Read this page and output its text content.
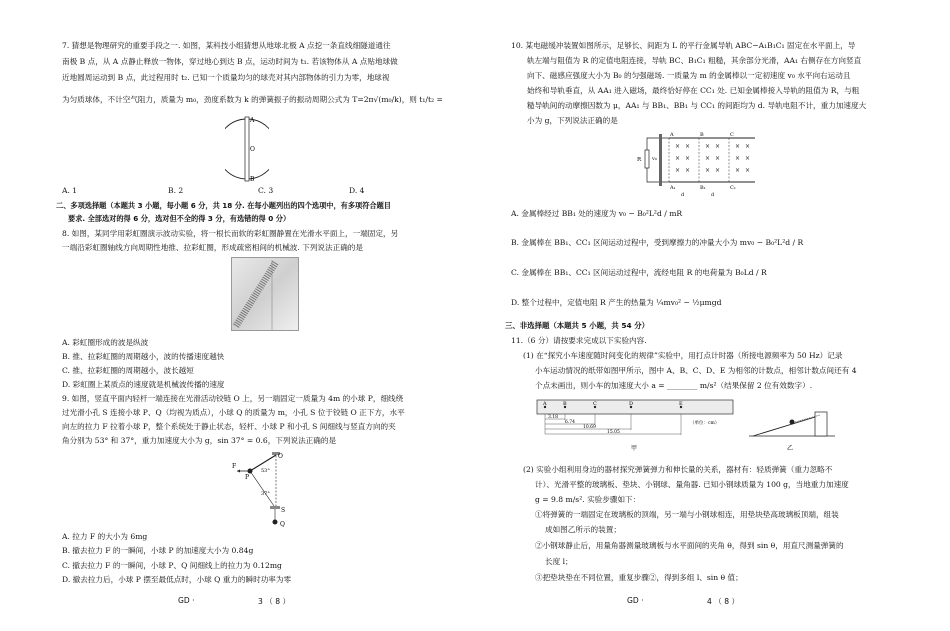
7. 猜想是物理研究的重要手段之一. 如图，某科技小组猜想从地球北极 A 点挖一条直线细隧道通往
南极 B 点，从 A 点静止释放一物体，穿过地心到达 B 点，运动时间为 t₁. 若该物体从 A 点贴地球做
近地圆周运动到 B 点，此过程用时 t₂. 已知一个质量均匀的球壳对其内部物体的引力为零，地球视
为匀质球体，不计空气阻力，质量为 m₀，劲度系数为 k 的弹簧振子的振动周期公式为 T=2π√(m₀/k)，则 t₁/t₂ =
A
O
B
A. 1	B. 2	C. 3	D. 4
二、多项选择题（本题共 3 小题，每小题 6 分，共 18 分. 在每小题列出的四个选项中，有多项符合题目
要求. 全部选对的得 6 分，选对但不全的得 3 分，有选错的得 0 分）
8. 如图，某同学用彩虹圈演示波动实验，将一根长而软的彩虹圈静置在光滑水平面上，一端固定，另
一端沿彩虹圈轴线方向周期性地推、拉彩虹圈，形成疏密相间的机械波. 下列说法正确的是
A. 彩虹圈形成的波是纵波
B. 推、拉彩虹圈的周期越小，波的传播速度越快
C. 推、拉彩虹圈的周期越小，波长越短
D. 彩虹圈上某质点的速度就是机械波传播的速度
9. 如图，竖直平面内轻杆一端连接在光滑活动铰链 O 上，另一端固定一质量为 4m 的小球 P，细线绕
过光滑小孔 S 连接小球 P、Q（均视为质点），小球 Q 的质量为 m，小孔 S 位于铰链 O 正下方，水平
向左的拉力 F 拉着小球 P，整个系统处于静止状态，轻杆、小球 P 和小孔 S 间细线与竖直方向的夹
角分别为 53° 和 37°，重力加速度大小为 g，sin 37° = 0.6，下列说法正确的是
O
F
P
53°
37°
S
Q
A. 拉力 F 的大小为 6mg
B. 撤去拉力 F 的一瞬间，小球 P 的加速度大小为 0.84g
C. 撤去拉力 F 的一瞬间，小球 P、Q 间细线上的拉力为 0.12mg
D. 撤去拉力后，小球 P 摆至最低点时，小球 Q 重力的瞬时功率为零
GD ·	3 （ 8 ）
10. 某电磁缓冲装置如图所示，足够长、间距为 L 的平行金属导轨 ABC−A₁B₁C₁ 固定在水平面上，导
轨左端与阻值为 R 的定值电阻连接，导轨 BC、B₁C₁ 粗糙，其余部分光滑，AA₁ 右侧存在方向竖直
向下、磁感应强度大小为 B₀ 的匀强磁场. 一质量为 m 的金属棒以一定初速度 v₀ 水平向右运动且
始终和导轨垂直，从 AA₁ 进入磁场，最终恰好停在 CC₁ 处. 已知金属棒接入导轨的阻值为 R，与粗
糙导轨间的动摩擦因数为 μ，AA₁ 与 BB₁、BB₁ 与 CC₁ 的间距均为 d. 导轨电阻不计，重力加速度大
小为 g，下列说法正确的是
× × × × × ×
× × × × × ×
× × × × × ×
A	B	C
A₁	B₁	C₁
R v₀
d	d
A. 金属棒经过 BB₁ 处的速度为 v₀ − B₀²L²d / mR
B. 金属棒在 BB₁、CC₁ 区间运动过程中，受到摩擦力的冲量大小为 mv₀ − B₀²L²d / R
C. 金属棒在 BB₁、CC₁ 区间运动过程中，流经电阻 R 的电荷量为 B₀Ld / R
D. 整个过程中，定值电阻 R 产生的热量为 ¼mv₀² − ½μmgd
三、非选择题（本题共 5 小题，共 54 分）
11.（6 分）请按要求完成以下实验内容.
(1) 在“探究小车速度随时间变化的规律”实验中，用打点计时器（所接电源频率为 50 Hz）记录
小车运动情况的纸带如图甲所示，图中 A、B、C、D、E 为相邻的计数点，相邻计数点间还有 4
个点未画出，则小车的加速度大小 a = ________ m/s²（结果保留 2 位有效数字）.
A	B	C	D	E
3.18
6.74
10.69
15.05
（单位：cm）
甲	乙
(2) 实验小组利用身边的器材探究弹簧弹力和伸长量的关系，器材有：轻质弹簧（重力忽略不
计）、光滑平整的玻璃板、垫块、小钢球、量角器. 已知小钢球质量为 100 g，当地重力加速度
g = 9.8 m/s². 实验步骤如下：
①将弹簧的一端固定在玻璃板的顶端，另一端与小钢球相连，用垫块垫高玻璃板顶端，组装
成如图乙所示的装置；
②小钢球静止后，用量角器测量玻璃板与水平面间的夹角 θ，得到 sin θ，用直尺测量弹簧的
长度 l；
③把垫块垫在不同位置，重复步骤②，得到多组 l、sin θ 值；
GD ·	4 （ 8 ）
